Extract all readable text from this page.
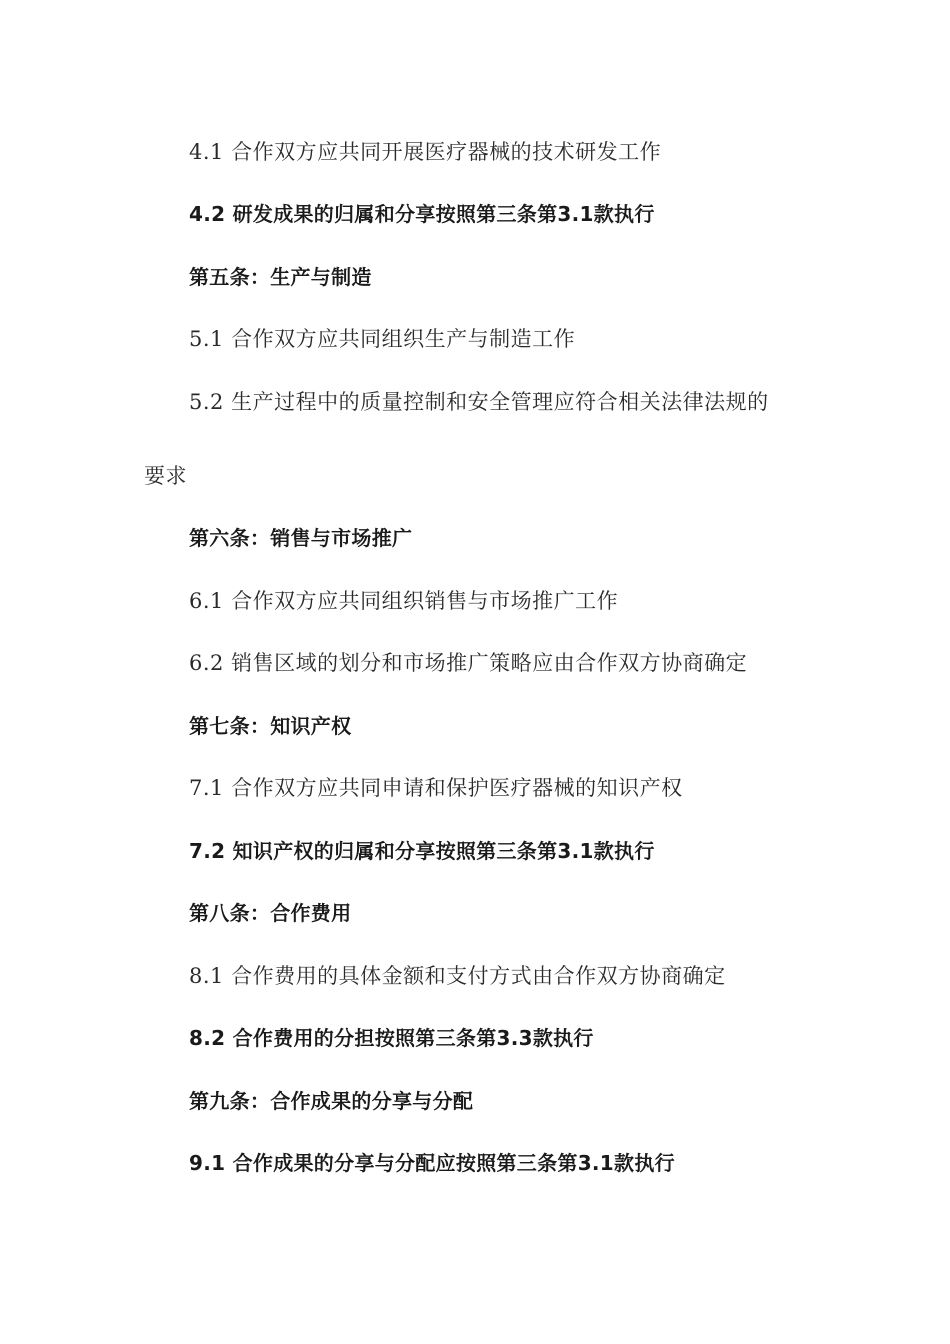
4.1 合作双方应共同开展医疗器械的技术研发工作

4.2 研发成果的归属和分享按照第三条第3.1款执行

第五条：生产与制造

5.1 合作双方应共同组织生产与制造工作

5.2 生产过程中的质量控制和安全管理应符合相关法律法规的

要求

第六条：销售与市场推广

6.1 合作双方应共同组织销售与市场推广工作

6.2 销售区域的划分和市场推广策略应由合作双方协商确定

第七条：知识产权

7.1 合作双方应共同申请和保护医疗器械的知识产权

7.2 知识产权的归属和分享按照第三条第3.1款执行

第八条：合作费用

8.1 合作费用的具体金额和支付方式由合作双方协商确定

8.2 合作费用的分担按照第三条第3.3款执行

第九条：合作成果的分享与分配

9.1 合作成果的分享与分配应按照第三条第3.1款执行
